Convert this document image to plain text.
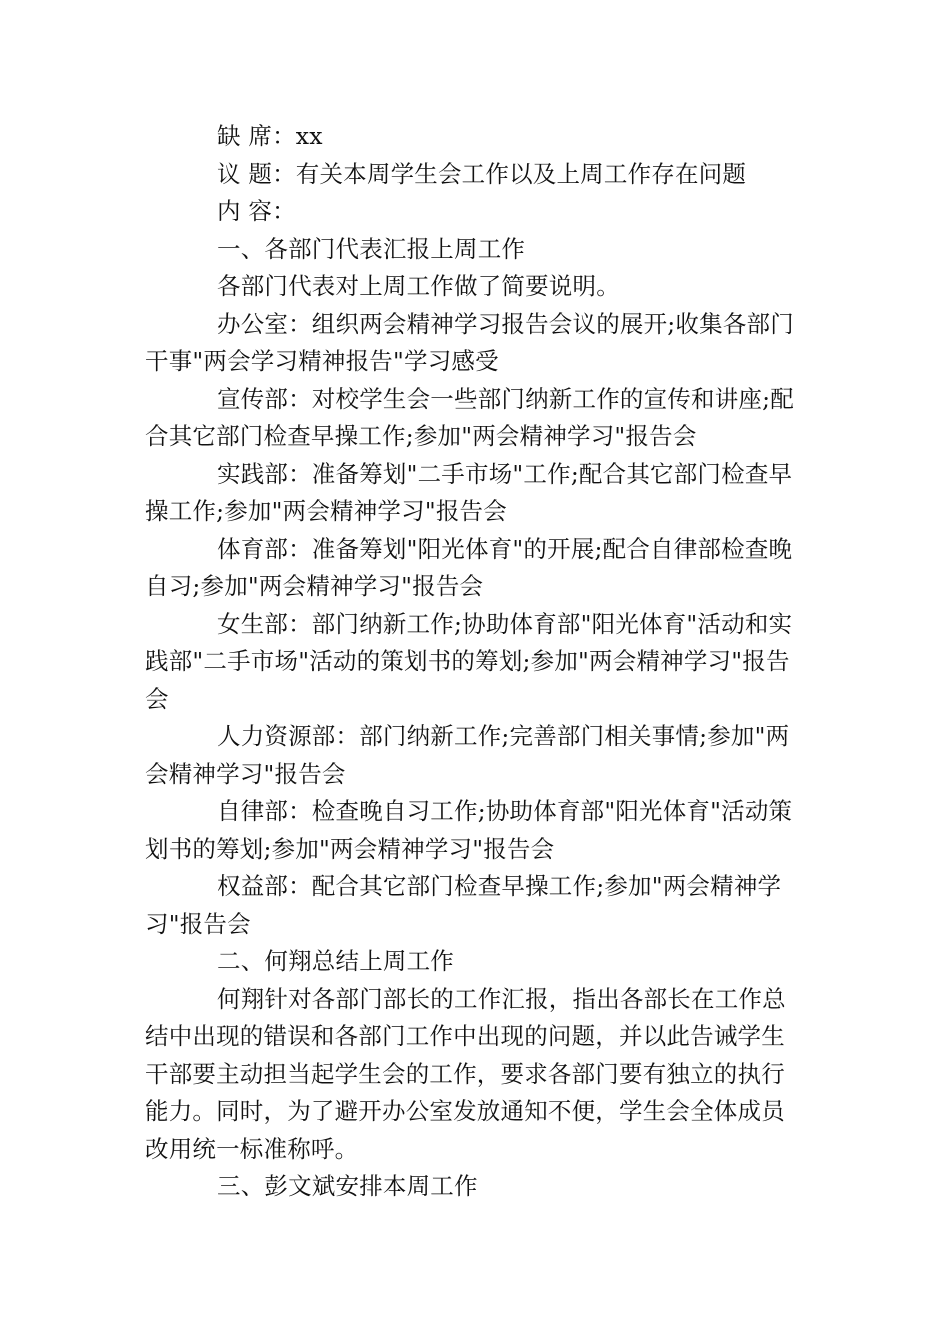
缺 席：xx

议 题：有关本周学生会工作以及上周工作存在问题

内 容：

一、各部门代表汇报上周工作

各部门代表对上周工作做了简要说明。

办公室：组织两会精神学习报告会议的展开;收集各部门干事"两会学习精神报告"学习感受

宣传部：对校学生会一些部门纳新工作的宣传和讲座;配合其它部门检查早操工作;参加"两会精神学习"报告会

实践部：准备筹划"二手市场"工作;配合其它部门检查早操工作;参加"两会精神学习"报告会

体育部：准备筹划"阳光体育"的开展;配合自律部检查晚自习;参加"两会精神学习"报告会

女生部：部门纳新工作;协助体育部"阳光体育"活动和实践部"二手市场"活动的策划书的筹划;参加"两会精神学习"报告会

人力资源部：部门纳新工作;完善部门相关事情;参加"两会精神学习"报告会

自律部：检查晚自习工作;协助体育部"阳光体育"活动策划书的筹划;参加"两会精神学习"报告会

权益部：配合其它部门检查早操工作;参加"两会精神学习"报告会

二、何翔总结上周工作

何翔针对各部门部长的工作汇报，指出各部长在工作总结中出现的错误和各部门工作中出现的问题，并以此告诫学生干部要主动担当起学生会的工作，要求各部门要有独立的执行能力。同时，为了避开办公室发放通知不便，学生会全体成员改用统一标准称呼。

三、彭文斌安排本周工作
